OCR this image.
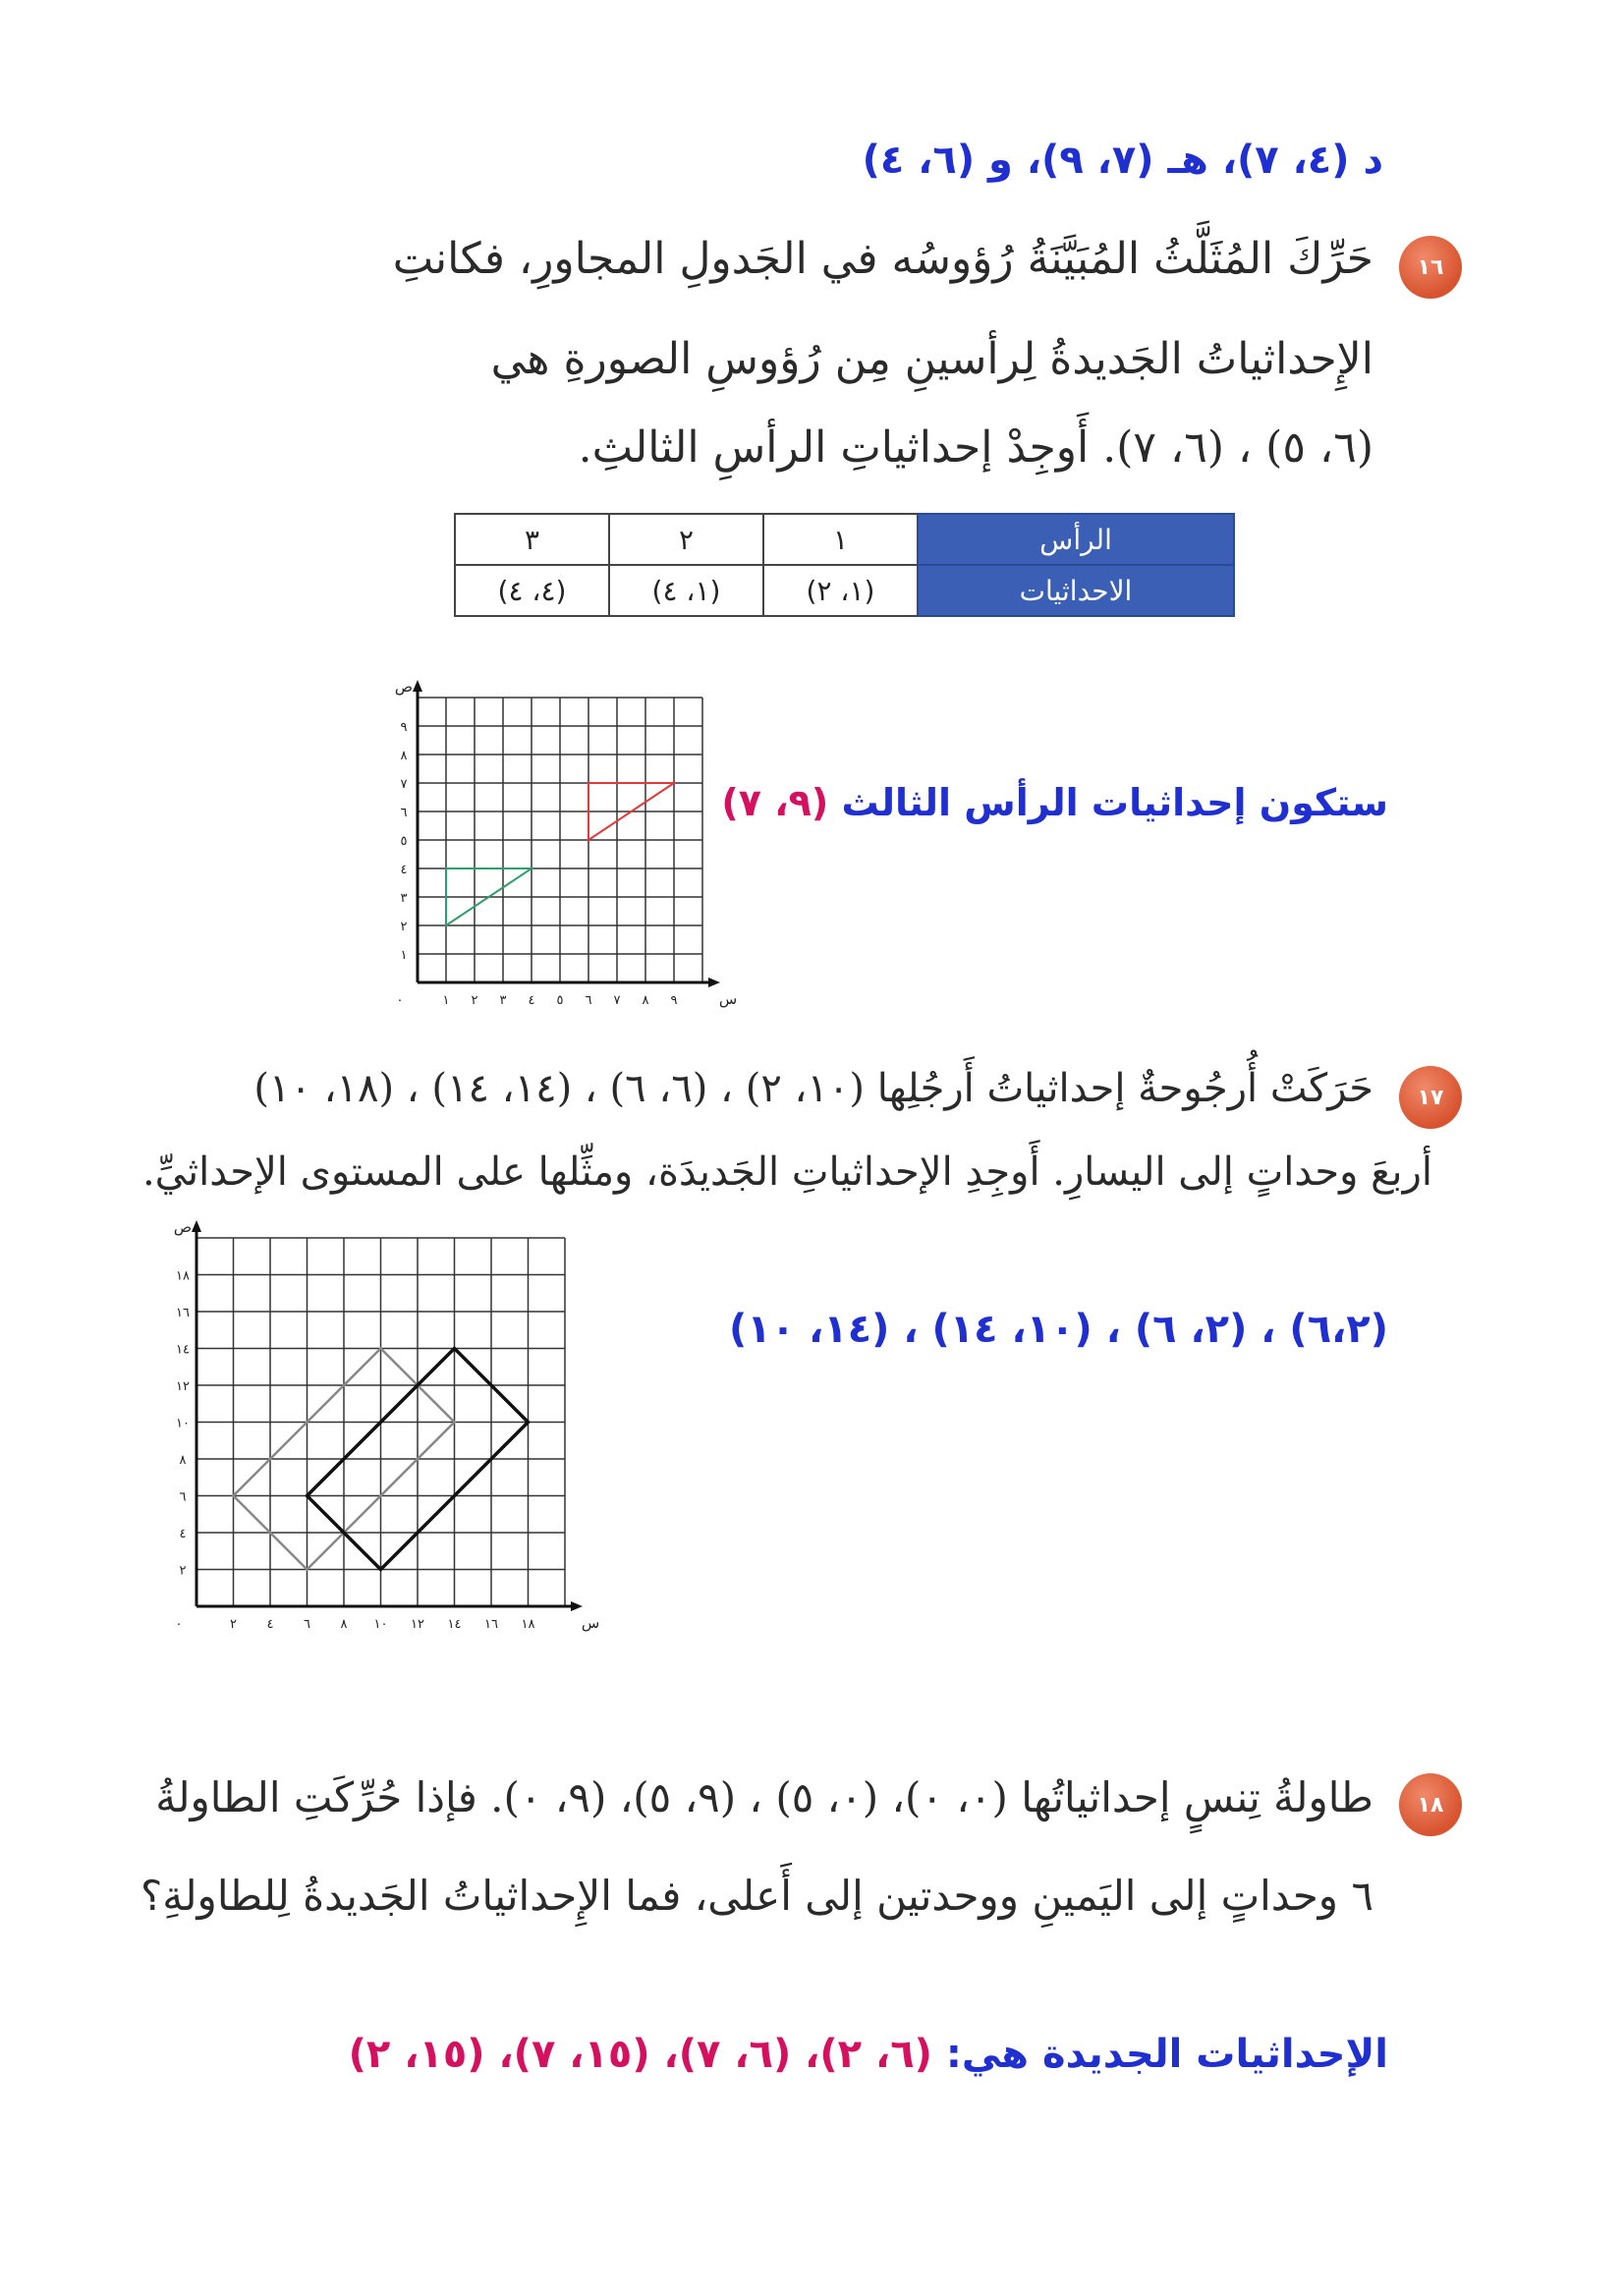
د (٤، ٧)، هـ (٧، ٩)، و (٦، ٤)
١٦
حَرِّكَ المُثَلَّثُ المُبَيَّنَةُ رُؤوسُه في الجَدولِ المجاورِ، فكانتِ
الإِحداثياتُ الجَديدةُ لِرأسينِ مِن رُؤوسِ الصورةِ هي
(٦، ٥) ، (٦، ٧). أَوجِدْ إحداثياتِ الرأسِ الثالثِ.
الرأس	١	٢	٣
الاحداثيات	(١، ٢)	(١، ٤)	(٤، ٤)
ستكون إحداثيات الرأس الثالث (٩، ٧)
١
١
٢
٢
٣
٣
٤
٤
٥
٥
٦
٦
٧
٧
٨
٨
٩
٩
٠	س
ص
١٧
حَرَكَتْ أُرجُوحةٌ إحداثياتُ أَرجُلِها (١٠، ٢) ، (٦، ٦) ، (١٤، ١٤) ، (١٨، ١٠)
أربعَ وحداتٍ إلى اليسارِ. أَوجِدِ الإحداثياتِ الجَديدَة، ومثِّلها على المستوى الإحداثيِّ.
(٦،٢) ، (٢، ٦) ، (١٠، ١٤) ، (١٤، ١٠)
٢
٢
٤
٤
٦
٦
٨
٨
١٠
١٠
١٢
١٢
١٤
١٤
١٦
١٦
١٨
١٨
٠	س
ص
١٨
طاولةُ تِنسٍ إحداثياتُها (٠، ٠)، (٠، ٥) ، (٩، ٥)، (٩، ٠). فإذا حُرِّكَتِ الطاولةُ
٦ وحداتٍ إلى اليَمينِ ووحدتين إلى أَعلى، فما الإِحداثياتُ الجَديدةُ لِلطاولةِ؟
الإحداثيات الجديدة هي: (٦، ٢)، (٦، ٧)، (١٥، ٧)، (١٥، ٢)
